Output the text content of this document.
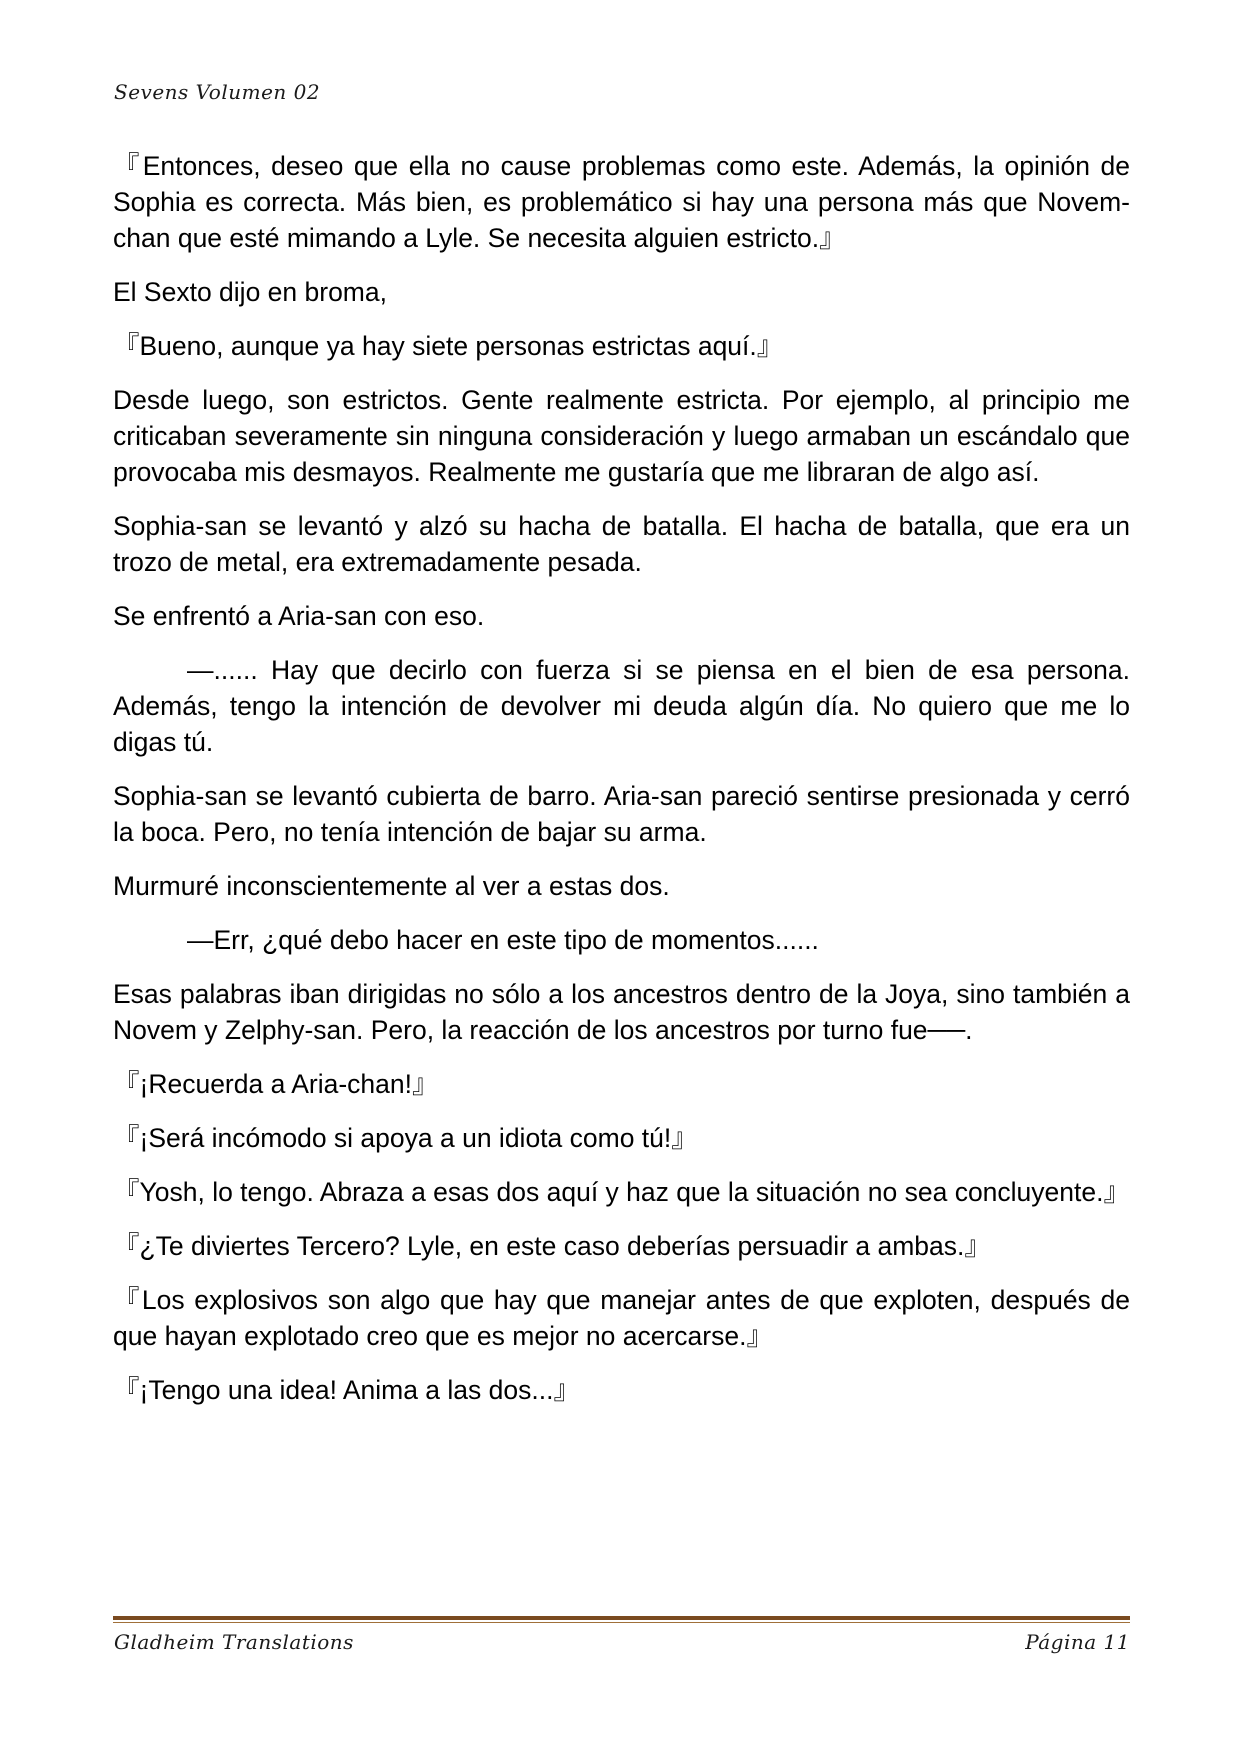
Sevens Volumen 02

『Entonces, deseo que ella no cause problemas como este. Además, la opinión de Sophia es correcta. Más bien, es problemático si hay una persona más que Novem-chan que esté mimando a Lyle. Se necesita alguien estricto.』

El Sexto dijo en broma,

『Bueno, aunque ya hay siete personas estrictas aquí.』

Desde luego, son estrictos. Gente realmente estricta. Por ejemplo, al principio me criticaban severamente sin ninguna consideración y luego armaban un escándalo que provocaba mis desmayos. Realmente me gustaría que me libraran de algo así.

Sophia-san se levantó y alzó su hacha de batalla. El hacha de batalla, que era un trozo de metal, era extremadamente pesada.

Se enfrentó a Aria-san con eso.

—...... Hay que decirlo con fuerza si se piensa en el bien de esa persona. Además, tengo la intención de devolver mi deuda algún día. No quiero que me lo digas tú.

Sophia-san se levantó cubierta de barro. Aria-san pareció sentirse presionada y cerró la boca. Pero, no tenía intención de bajar su arma.

Murmuré inconscientemente al ver a estas dos.

—Err, ¿qué debo hacer en este tipo de momentos......

Esas palabras iban dirigidas no sólo a los ancestros dentro de la Joya, sino también a Novem y Zelphy-san. Pero, la reacción de los ancestros por turno fue──.

『¡Recuerda a Aria-chan!』

『¡Será incómodo si apoya a un idiota como tú!』

『Yosh, lo tengo. Abraza a esas dos aquí y haz que la situación no sea concluyente.』

『¿Te diviertes Tercero? Lyle, en este caso deberías persuadir a ambas.』

『Los explosivos son algo que hay que manejar antes de que exploten, después de que hayan explotado creo que es mejor no acercarse.』

『¡Tengo una idea! Anima a las dos...』

Gladheim Translations	Página 11
